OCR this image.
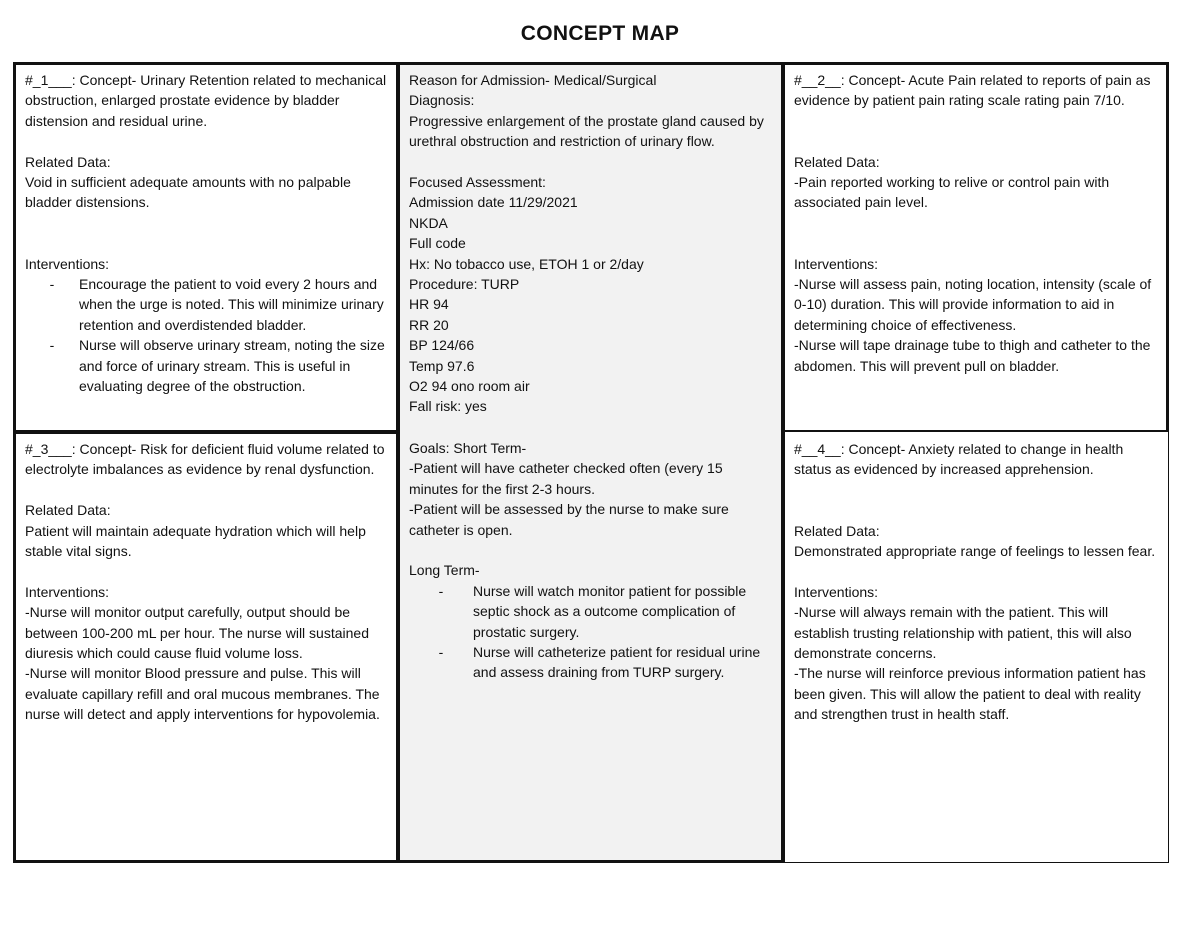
CONCEPT MAP

#_1___: Concept- Urinary Retention related to mechanical obstruction, enlarged prostate evidence by bladder distension and residual urine.

Related Data:

Void in sufficient adequate amounts with no palpable bladder distensions.

Interventions:

-	Encourage the patient to void every 2 hours and when the urge is noted. This will minimize urinary retention and overdistended bladder.
-	Nurse will observe urinary stream, noting the size and force of urinary stream. This is useful in evaluating degree of the obstruction.

#_3___: Concept- Risk for deficient fluid volume related to electrolyte imbalances as evidence by renal dysfunction.

Related Data:

Patient will maintain adequate hydration which will help stable vital signs.

Interventions:

-Nurse will monitor output carefully, output should be between 100-200 mL per hour. The nurse will sustained diuresis which could cause fluid volume loss.

-Nurse will monitor Blood pressure and pulse. This will evaluate capillary refill and oral mucous membranes. The nurse will detect and apply interventions for hypovolemia.

Reason for Admission- Medical/Surgical

Diagnosis:

Progressive enlargement of the prostate gland caused by urethral obstruction and restriction of urinary flow.

Focused Assessment:

Admission date 11/29/2021

NKDA

Full code

Hx: No tobacco use, ETOH 1 or 2/day

Procedure: TURP

HR 94

RR 20

BP 124/66

Temp 97.6

O2 94 ono room air

Fall risk: yes

Goals: Short Term-

-Patient will have catheter checked often (every 15 minutes for the first 2-3 hours.

-Patient will be assessed by the nurse to make sure catheter is open.

Long Term-

-	Nurse will watch monitor patient for possible septic shock as a outcome complication of prostatic surgery.
-	Nurse will catheterize patient for residual urine and assess draining from TURP surgery.

#__2__: Concept- Acute Pain related to reports of pain as evidence by patient pain rating scale rating pain 7/10.

Related Data:

-Pain reported working to relive or control pain with associated pain level.

Interventions:

-Nurse will assess pain, noting location, intensity (scale of 0-10) duration. This will provide information to aid in determining choice of effectiveness.

-Nurse will tape drainage tube to thigh and catheter to the abdomen. This will prevent pull on bladder.

#__4__: Concept- Anxiety related to change in health status as evidenced by increased apprehension.

Related Data:

Demonstrated appropriate range of feelings to lessen fear.

Interventions:

-Nurse will always remain with the patient. This will establish trusting relationship with patient, this will also demonstrate concerns.

-The nurse will reinforce previous information patient has been given. This will allow the patient to deal with reality and strengthen trust in health staff.
